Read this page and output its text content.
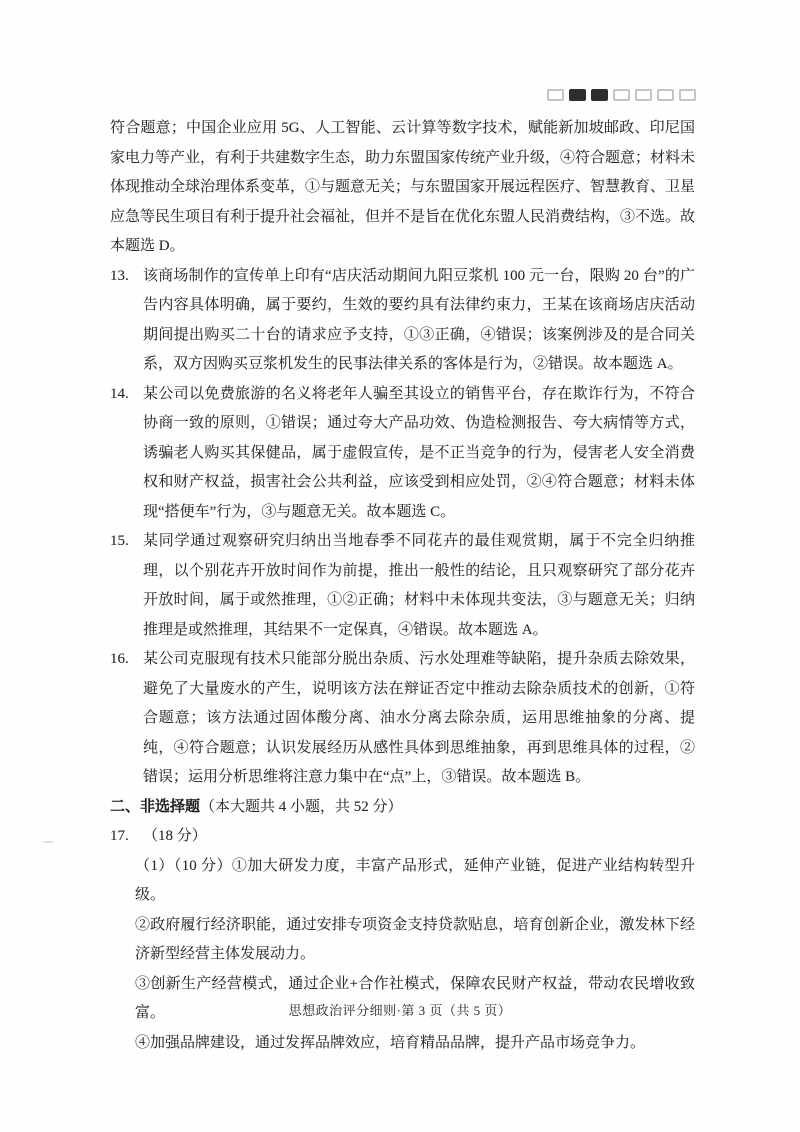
符合题意；中国企业应用 5G、人工智能、云计算等数字技术，赋能新加坡邮政、印尼国家电力等产业，有利于共建数字生态，助力东盟国家传统产业升级，④符合题意；材料未体现推动全球治理体系变革，①与题意无关；与东盟国家开展远程医疗、智慧教育、卫星应急等民生项目有利于提升社会福祉，但并不是旨在优化东盟人民消费结构，③不选。故本题选 D。

13. 该商场制作的宣传单上印有“店庆活动期间九阳豆浆机 100 元一台，限购 20 台”的广告内容具体明确，属于要约，生效的要约具有法律约束力，王某在该商场店庆活动期间提出购买二十台的请求应予支持，①③正确，④错误；该案例涉及的是合同关系，双方因购买豆浆机发生的民事法律关系的客体是行为，②错误。故本题选 A。

14. 某公司以免费旅游的名义将老年人骗至其设立的销售平台，存在欺诈行为，不符合协商一致的原则，①错误；通过夸大产品功效、伪造检测报告、夸大病情等方式，诱骗老人购买其保健品，属于虚假宣传，是不正当竞争的行为，侵害老人安全消费权和财产权益，损害社会公共利益，应该受到相应处罚，②④符合题意；材料未体现“搭便车”行为，③与题意无关。故本题选 C。

15. 某同学通过观察研究归纳出当地春季不同花卉的最佳观赏期，属于不完全归纳推理，以个别花卉开放时间作为前提，推出一般性的结论，且只观察研究了部分花卉开放时间，属于或然推理，①②正确；材料中未体现共变法，③与题意无关；归纳推理是或然推理，其结果不一定保真，④错误。故本题选 A。

16. 某公司克服现有技术只能部分脱出杂质、污水处理难等缺陷，提升杂质去除效果，避免了大量废水的产生，说明该方法在辩证否定中推动去除杂质技术的创新，①符合题意；该方法通过固体酸分离、油水分离去除杂质，运用思维抽象的分离、提纯，④符合题意；认识发展经历从感性具体到思维抽象，再到思维具体的过程，②错误；运用分析思维将注意力集中在“点”上，③错误。故本题选 B。

二、非选择题（本大题共 4 小题，共 52 分）

17. （18 分）

（1）（10 分）①加大研发力度，丰富产品形式，延伸产业链，促进产业结构转型升级。

②政府履行经济职能，通过安排专项资金支持贷款贴息，培育创新企业，激发林下经济新型经营主体发展动力。

③创新生产经营模式，通过企业+合作社模式，保障农民财产权益，带动农民增收致富。

④加强品牌建设，通过发挥品牌效应，培育精品品牌，提升产品市场竞争力。

思想政治评分细则·第 3 页（共 5 页）
